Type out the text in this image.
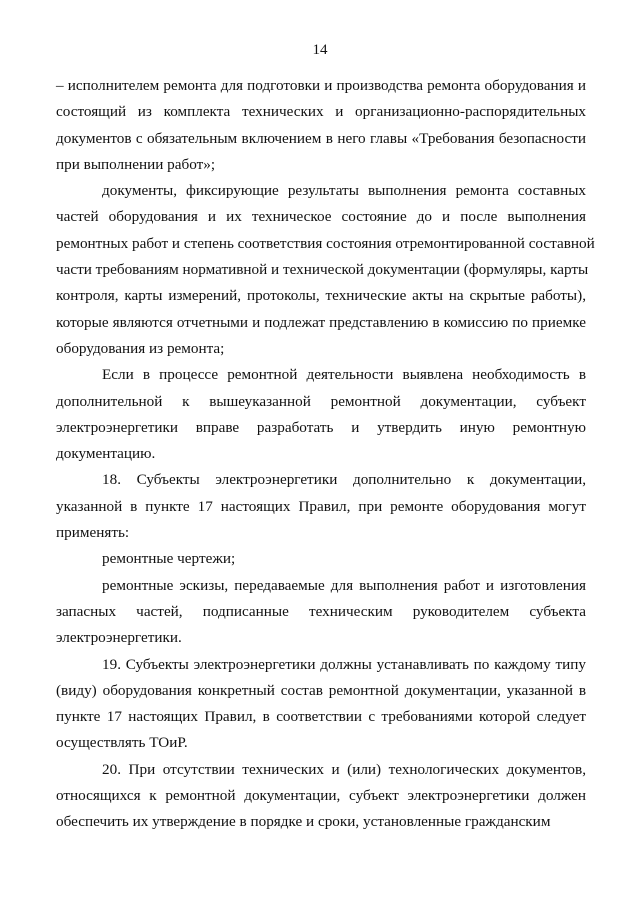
14
– исполнителем ремонта для подготовки и производства ремонта оборудования и
состоящий из комплекта технических и организационно-распорядительных
документов с обязательным включением в него главы «Требования безопасности
при выполнении работ»;
документы, фиксирующие результаты выполнения ремонта составных
частей оборудования и их техническое состояние до и после выполнения
ремонтных работ и степень соответствия состояния отремонтированной составной
части требованиям нормативной и технической документации (формуляры, карты
контроля, карты измерений, протоколы, технические акты на скрытые работы),
которые являются отчетными и подлежат представлению в комиссию по приемке
оборудования из ремонта;
Если в процессе ремонтной деятельности выявлена необходимость в
дополнительной к вышеуказанной ремонтной документации, субъект
электроэнергетики вправе разработать и утвердить иную ремонтную
документацию.
18. Субъекты электроэнергетики дополнительно к документации,
указанной в пункте 17 настоящих Правил, при ремонте оборудования могут
применять:
ремонтные чертежи;
ремонтные эскизы, передаваемые для выполнения работ и изготовления
запасных частей, подписанные техническим руководителем субъекта
электроэнергетики.
19. Субъекты электроэнергетики должны устанавливать по каждому типу
(виду) оборудования конкретный состав ремонтной документации, указанной в
пункте 17 настоящих Правил, в соответствии с требованиями которой следует
осуществлять ТОиР.
20. При отсутствии технических и (или) технологических документов,
относящихся к ремонтной документации, субъект электроэнергетики должен
обеспечить их утверждение в порядке и сроки, установленные гражданским
